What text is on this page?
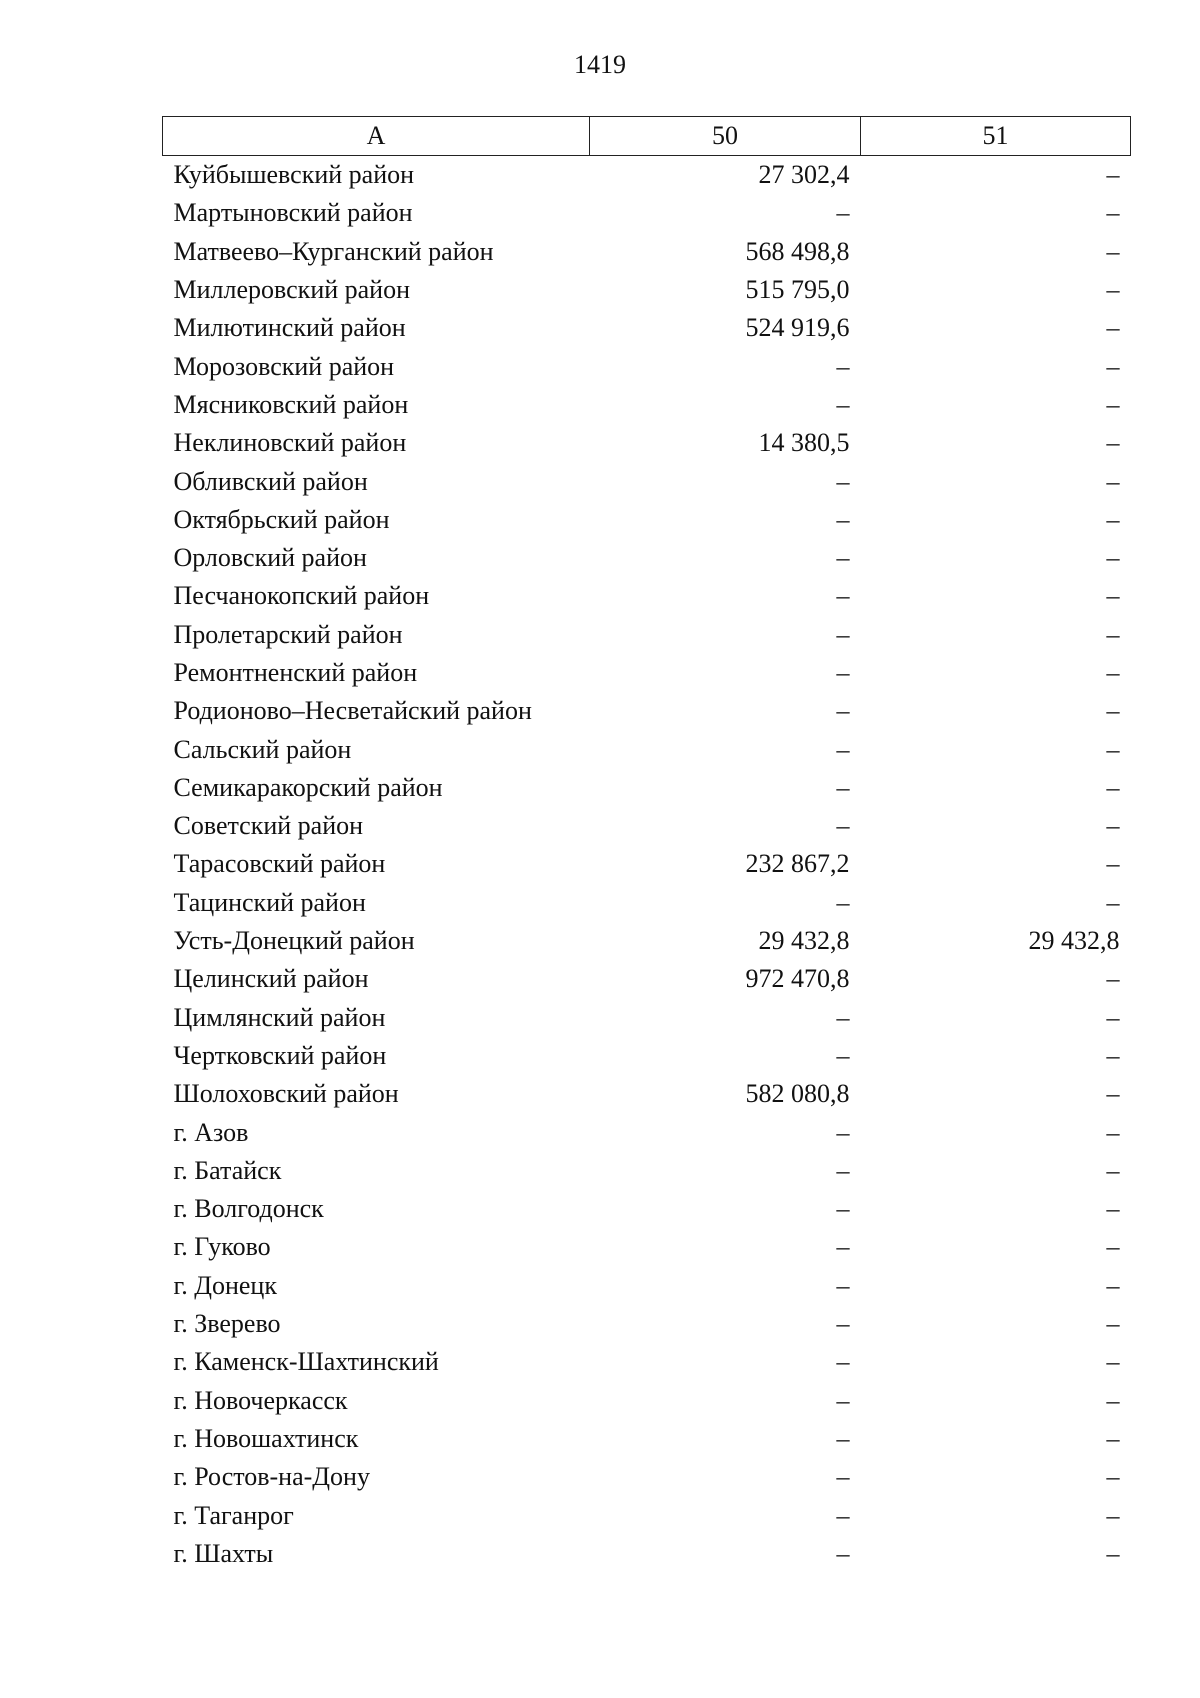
1419
А	50	51
Куйбышевский район	27 302,4	–
Мартыновский район	–	–
Матвеево–Курганский район	568 498,8	–
Миллеровский район	515 795,0	–
Милютинский район	524 919,6	–
Морозовский район	–	–
Мясниковский район	–	–
Неклиновский район	14 380,5	–
Обливский район	–	–
Октябрьский район	–	–
Орловский район	–	–
Песчанокопский район	–	–
Пролетарский район	–	–
Ремонтненский район	–	–
Родионово–Несветайский район	–	–
Сальский район	–	–
Семикаракорский район	–	–
Советский район	–	–
Тарасовский район	232 867,2	–
Тацинский район	–	–
Усть-Донецкий район	29 432,8	29 432,8
Целинский район	972 470,8	–
Цимлянский район	–	–
Чертковский район	–	–
Шолоховский район	582 080,8	–
г. Азов	–	–
г. Батайск	–	–
г. Волгодонск	–	–
г. Гуково	–	–
г. Донецк	–	–
г. Зверево	–	–
г. Каменск-Шахтинский	–	–
г. Новочеркасск	–	–
г. Новошахтинск	–	–
г. Ростов-на-Дону	–	–
г. Таганрог	–	–
г. Шахты	–	–
